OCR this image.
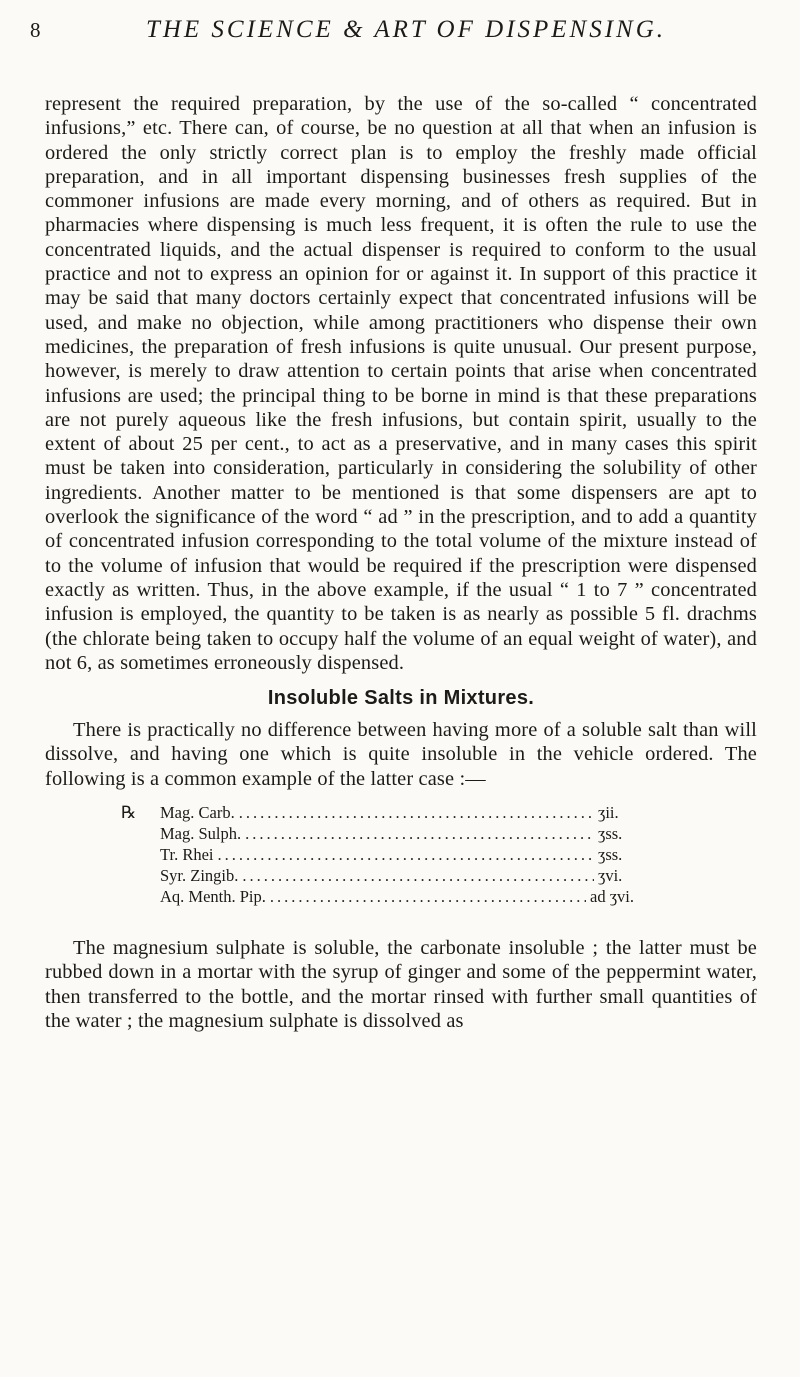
8	THE SCIENCE & ART OF DISPENSING.

represent the required preparation, by the use of the so-called “ concentrated infusions,” etc. There can, of course, be no question at all that when an infusion is ordered the only strictly correct plan is to employ the freshly made official preparation, and in all important dispensing businesses fresh supplies of the commoner infusions are made every morning, and of others as required. But in pharmacies where dispensing is much less frequent, it is often the rule to use the concentrated liquids, and the actual dispenser is required to conform to the usual practice and not to express an opinion for or against it. In support of this practice it may be said that many doctors certainly expect that concentrated infusions will be used, and make no objection, while among practitioners who dispense their own medicines, the preparation of fresh infusions is quite unusual. Our present purpose, however, is merely to draw attention to certain points that arise when concentrated infusions are used; the principal thing to be borne in mind is that these preparations are not purely aqueous like the fresh infusions, but contain spirit, usually to the extent of about 25 per cent., to act as a preservative, and in many cases this spirit must be taken into consideration, particularly in considering the solubility of other ingredients. Another matter to be mentioned is that some dispensers are apt to overlook the significance of the word “ ad ” in the prescription, and to add a quantity of concentrated infusion corresponding to the total volume of the mixture instead of to the volume of infusion that would be required if the prescription were dispensed exactly as written. Thus, in the above example, if the usual “ 1 to 7 ” concentrated infusion is employed, the quantity to be taken is as nearly as possible 5 fl. drachms (the chlorate being taken to occupy half the volume of an equal weight of water), and not 6, as sometimes erroneously dispensed.

Insoluble Salts in Mixtures.

There is practically no difference between having more of a soluble salt than will dissolve, and having one which is quite insoluble in the vehicle ordered. The following is a common example of the latter case :—

℞ Mag. Carb. .....	ʒii.
Mag. Sulph. .....	ʒss.
Tr. Rhei .....	ʒss.
Syr. Zingib. .....	ʒvi.
Aq. Menth. Pip. .....	ad ʒvi.

The magnesium sulphate is soluble, the carbonate insoluble ; the latter must be rubbed down in a mortar with the syrup of ginger and some of the peppermint water, then transferred to the bottle, and the mortar rinsed with further small quantities of the water ; the magnesium sulphate is dissolved as
